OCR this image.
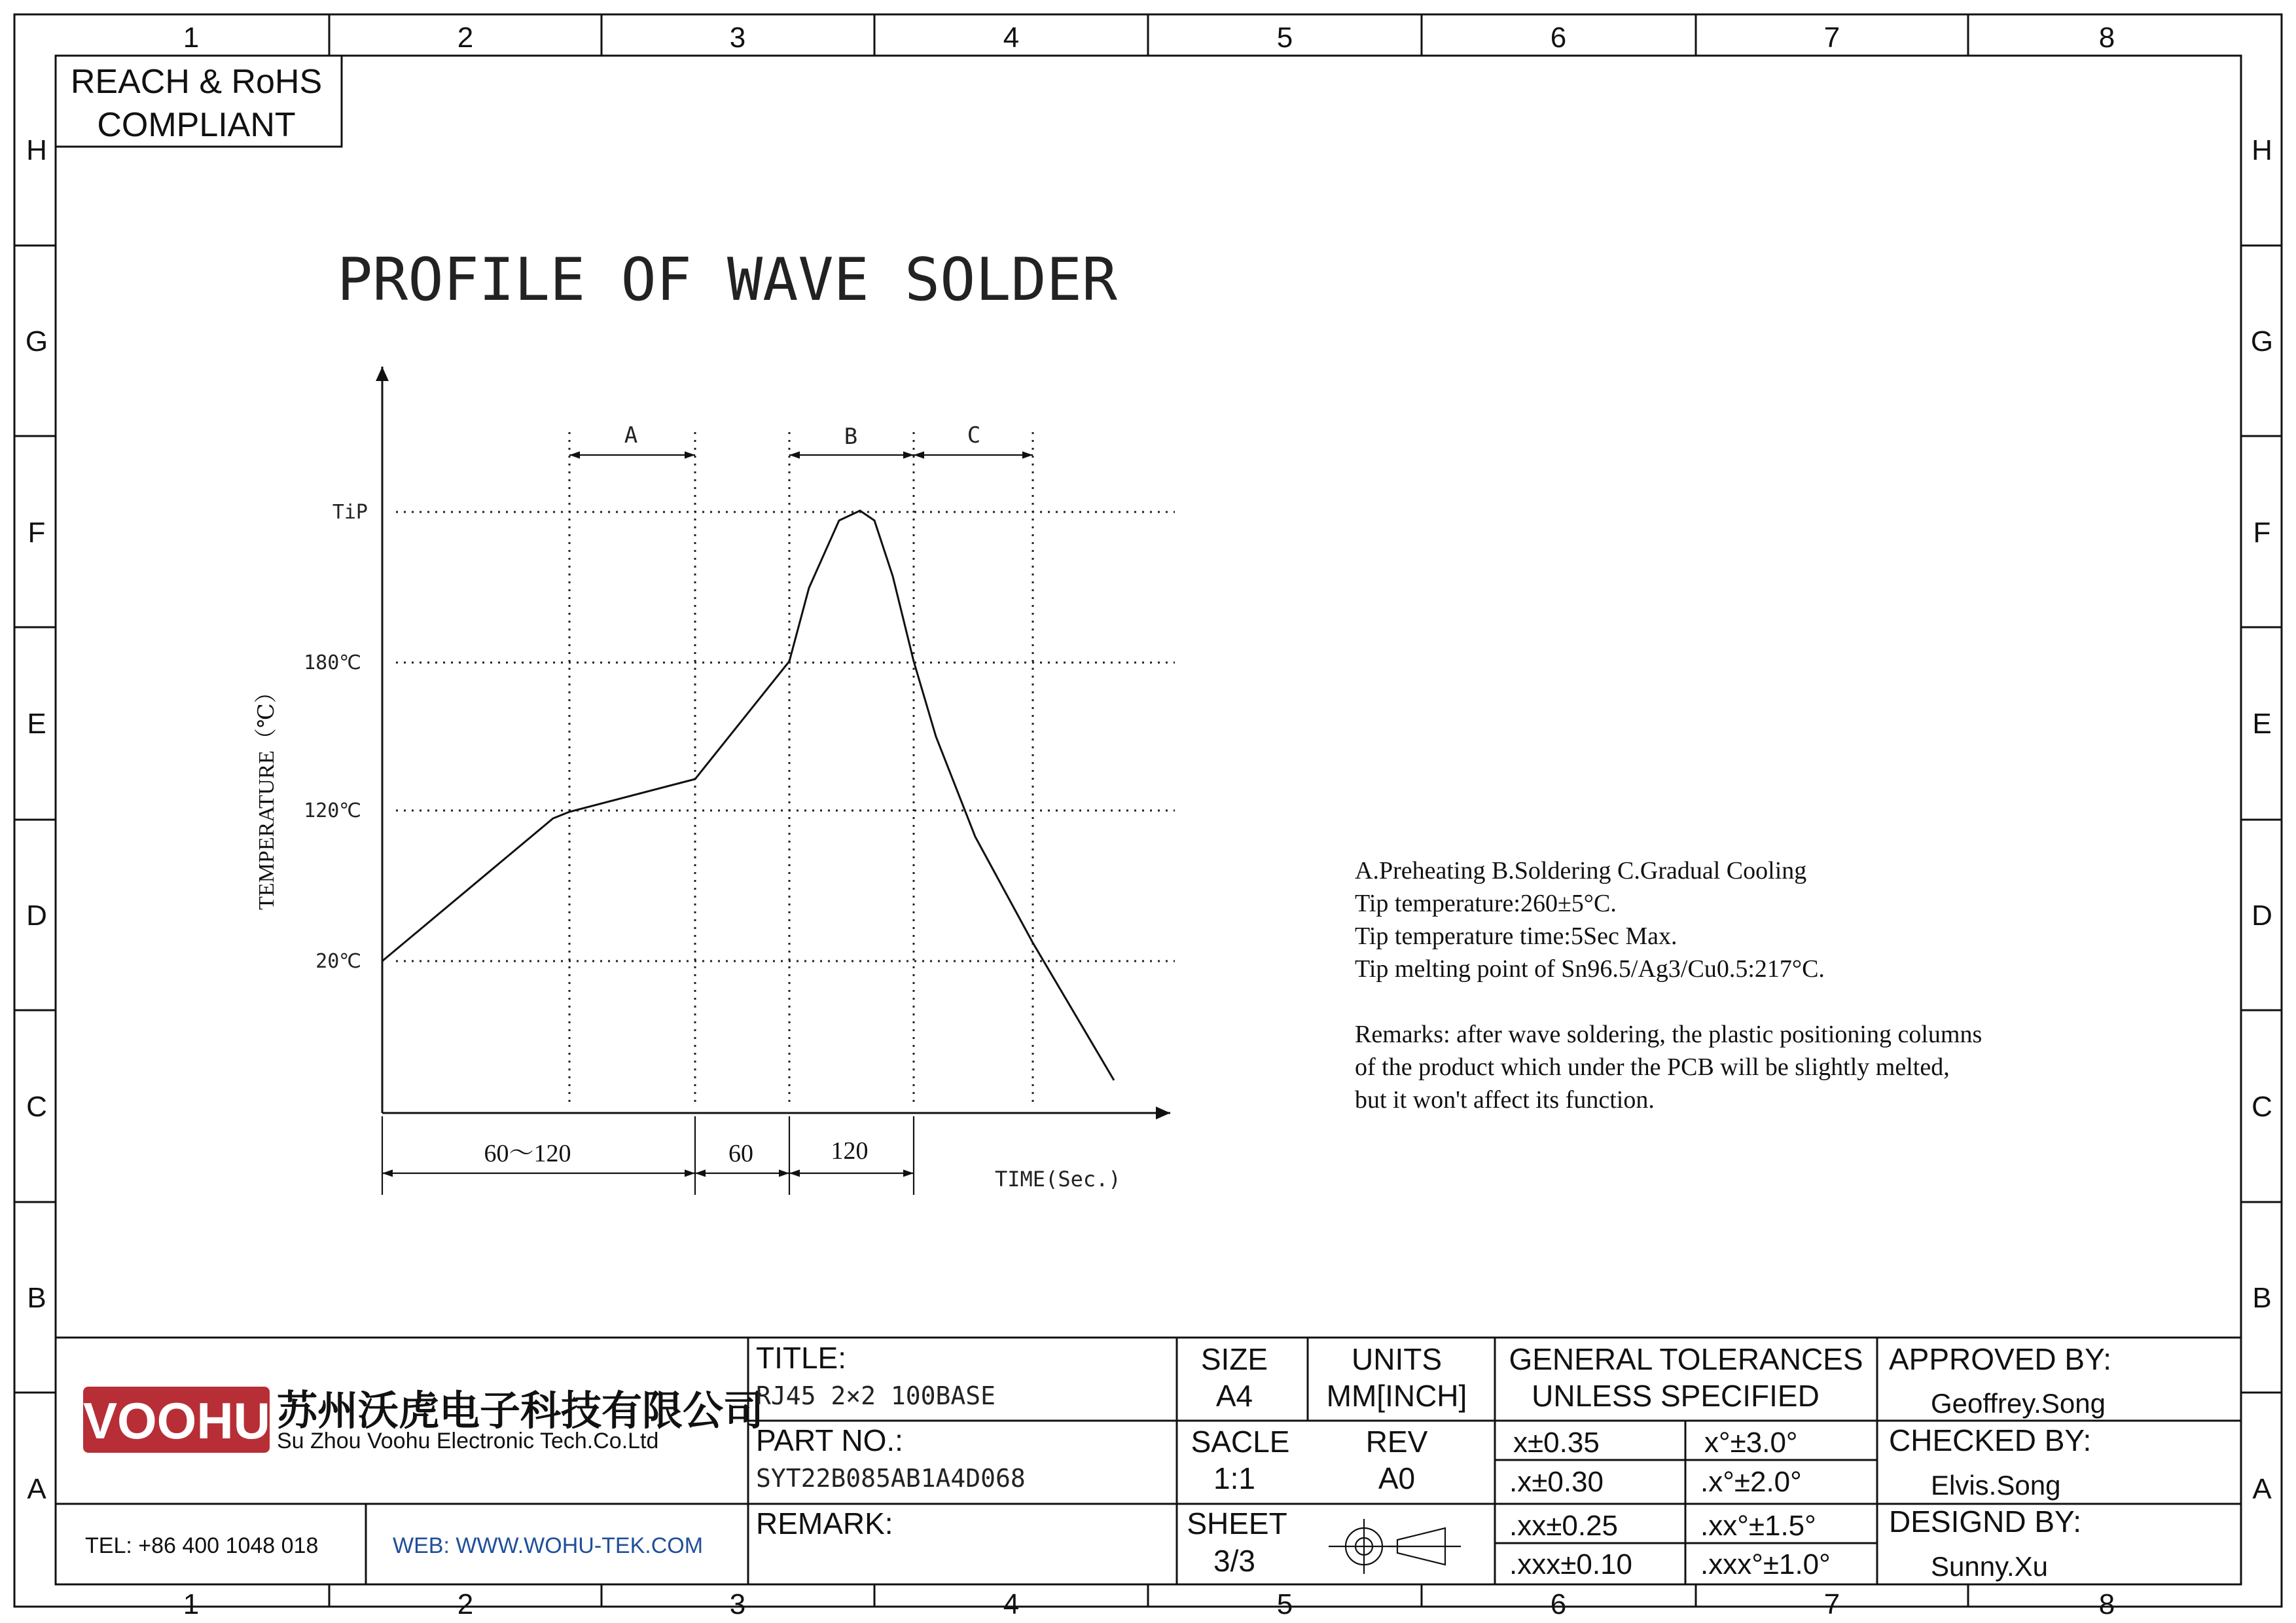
1	2	3	4	5	6	7	8
1	2	3	4	5	6	7	8
H
G
F
E
D
C
B
A
H
G
F
E
D
C
B
A
REACH & RoHS
COMPLIANT
PROFILE OF WAVE SOLDER
TiP
180℃
120℃
20℃
TEMPERATURE（℃）
A	B	C
60～120	60	120
TIME(Sec.)
A.Preheating B.Soldering C.Gradual Cooling
Tip temperature:260±5°C.
Tip temperature time:5Sec Max.
Tip melting point of Sn96.5/Ag3/Cu0.5:217°C.
Remarks: after wave soldering, the plastic positioning columns
of the product which under the PCB will be slightly melted,
but it won't affect its function.
VOOHU 苏州沃虎电子科技有限公司
Su Zhou Voohu Electronic Tech.Co.Ltd
TEL: +86 400 1048 018	WEB: WWW.WOHU-TEK.COM
TITLE:
RJ45 2×2 100BASE
PART NO.:
SYT22B085AB1A4D068
REMARK:
SIZE
A4
UNITS
MM[INCH]
SACLE
1:1
REV
A0
SHEET
3/3
GENERAL TOLERANCES
UNLESS SPECIFIED
x±0.35	x°±3.0°
.x±0.30	.x°±2.0°
.xx±0.25	.xx°±1.5°
.xxx±0.10 .xxx°±1.0°
APPROVED BY:
Geoffrey.Song
CHECKED BY:
Elvis.Song
DESIGND BY:
Sunny.Xu
